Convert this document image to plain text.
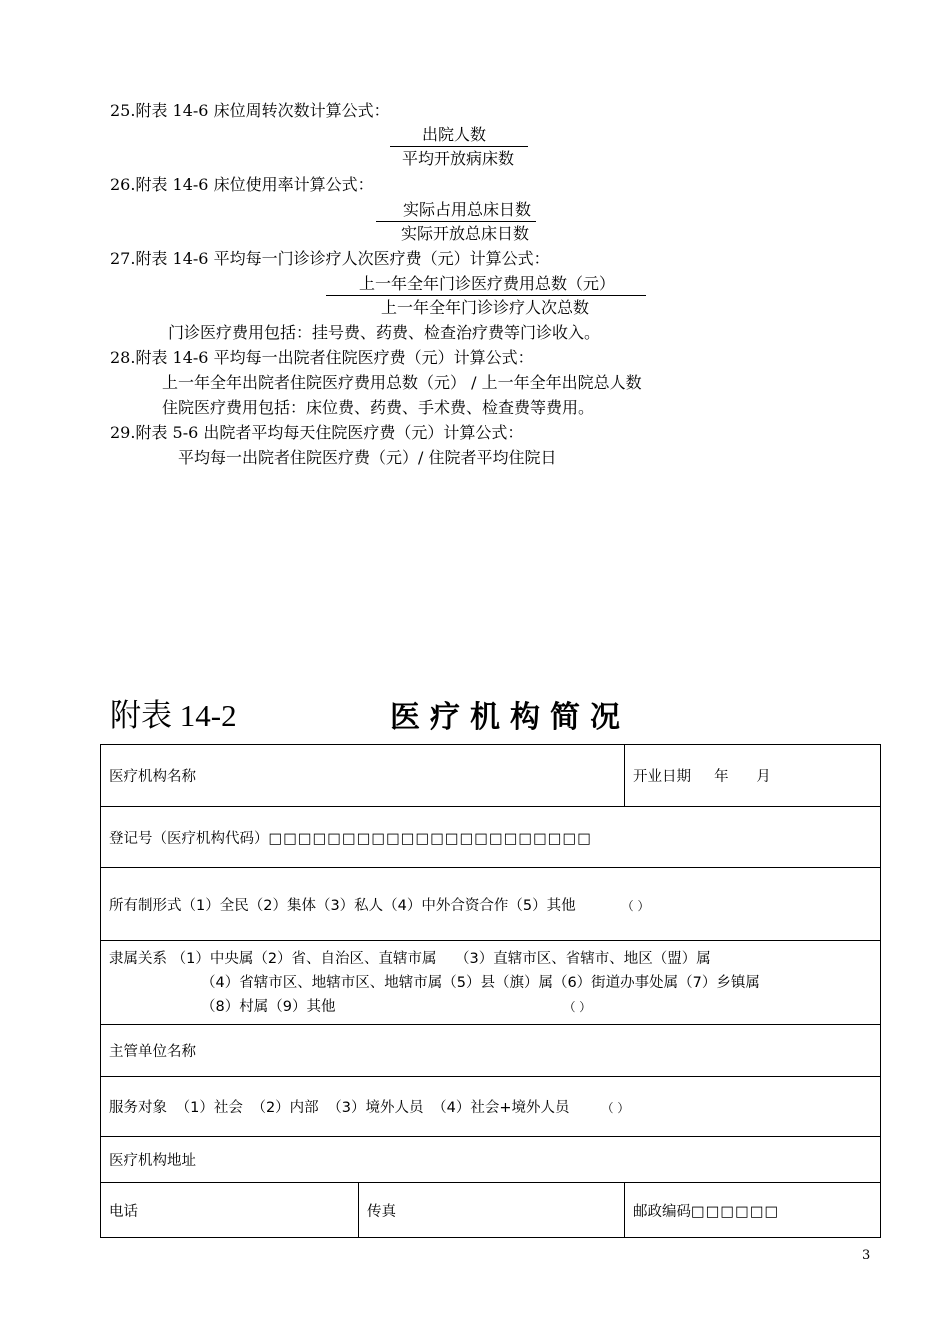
25.附表 14-6 床位周转次数计算公式：
出院人数
平均开放病床数
26.附表 14-6 床位使用率计算公式：
实际占用总床日数
实际开放总床日数
27.附表 14-6 平均每一门诊诊疗人次医疗费（元）计算公式：
上一年全年门诊医疗费用总数（元）
上一年全年门诊诊疗人次总数
门诊医疗费用包括：挂号费、药费、检查治疗费等门诊收入。
28.附表 14-6 平均每一出院者住院医疗费（元）计算公式：
上一年全年出院者住院医疗费用总数（元） / 上一年全年出院总人数
住院医疗费用包括：床位费、药费、手术费、检查费等费用。
29.附表 5-6 出院者平均每天住院医疗费（元）计算公式：
平均每一出院者住院医疗费（元）/ 住院者平均住院日
附表 14-2	医疗机构简况
医疗机构名称		开业日期     年      月
登记号（医疗机构代码）□□□□□□□□□□□□□□□□□□□□□□		
所有制形式（1）全民（2）集体（3）私人（4）中外合资合作（5）其他 （ ）		

隶属关系 （1）中央属（2）省、自治区、直辖市属    （3）直辖市区、省辖市、地区（盟）属
（4）省辖市区、地辖市区、地辖市属（5）县（旗）属（6）街道办事处属（7）乡镇属
（8）村属（9）其他 （ ）		

主管单位名称		
服务对象 （1）社会 （2）内部 （3）境外人员 （4）社会+境外人员 （ ）		
医疗机构地址		
电话	传真	邮政编码□□□□□□
3
